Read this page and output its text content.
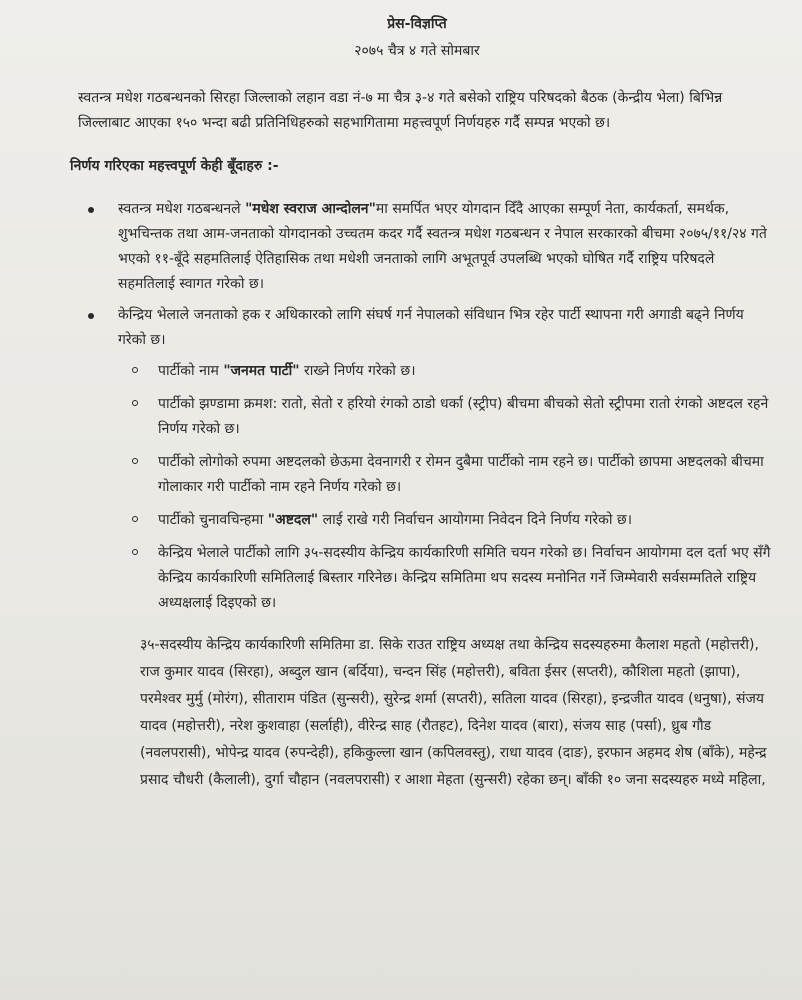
प्रेस-विज्ञप्ति
२०७५ चैत्र ४ गते सोमबार

स्वतन्त्र मधेश गठबन्धनको सिरहा जिल्लाको लहान वडा नं-७ मा चैत्र ३-४ गते बसेको राष्ट्रिय परिषदको बैठक (केन्द्रीय भेला) बिभिन्न जिल्लाबाट आएका १५० भन्दा बढी प्रतिनिधिहरुको सहभागितामा महत्त्वपूर्ण निर्णयहरु गर्दै सम्पन्न भएको छ।

निर्णय गरिएका महत्त्वपूर्ण केही बूँदाहरु :-
स्वतन्त्र मधेश गठबन्धनले "मधेश स्वराज आन्दोलन"मा समर्पित भएर योगदान दिँदै आएका सम्पूर्ण नेता, कार्यकर्ता, समर्थक, शुभचिन्तक तथा आम-जनताको योगदानको उच्चतम कदर गर्दै स्वतन्त्र मधेश गठबन्धन र नेपाल सरकारको बीचमा २०७५/११/२४ गते भएको ११-बूँदे सहमतिलाई ऐतिहासिक तथा मधेशी जनताको लागि अभूतपूर्व उपलब्धि भएको घोषित गर्दै राष्ट्रिय परिषदले सहमतिलाई स्वागत गरेको छ।
केन्द्रिय भेलाले जनताको हक र अधिकारको लागि संघर्ष गर्न नेपालको संविधान भित्र रहेर पार्टी स्थापना गरी अगाडी बढ्ने निर्णय गरेको छ।
पार्टीको नाम "जनमत पार्टी" राख्ने निर्णय गरेको छ।
पार्टीको झण्डामा क्रमश: रातो, सेतो र हरियो रंगको ठाडो धर्का (स्ट्रीप) बीचमा बीचको सेतो स्ट्रीपमा रातो रंगको अष्टदल रहने निर्णय गरेको छ।
पार्टीको लोगोको रुपमा अष्टदलको छेऊमा देवनागरी र रोमन दुबैमा पार्टीको नाम रहने छ। पार्टीको छापमा अष्टदलको बीचमा गोलाकार गरी पार्टीको नाम रहने निर्णय गरेको छ।
पार्टीको चुनावचिन्हमा "अष्टदल" लाई राखे गरी निर्वाचन आयोगमा निवेदन दिने निर्णय गरेको छ।
केन्द्रिय भेलाले पार्टीको लागि ३५-सदस्यीय केन्द्रिय कार्यकारिणी समिति चयन गरेको छ। निर्वाचन आयोगमा दल दर्ता भए सँगै केन्द्रिय कार्यकारिणी समितिलाई बिस्तार गरिनेछ। केन्द्रिय समितिमा थप सदस्य मनोनित गर्ने जिम्मेवारी सर्वसम्मतिले राष्ट्रिय अध्यक्षलाई दिइएको छ।

३५-सदस्यीय केन्द्रिय कार्यकारिणी समितिमा डा. सिके राउत राष्ट्रिय अध्यक्ष तथा केन्द्रिय सदस्यहरुमा कैलाश महतो (महोत्तरी), राज कुमार यादव (सिरहा), अब्दुल खान (बर्दिया), चन्दन सिंह (महोत्तरी), बविता ईसर (सप्तरी), कौशिला महतो (झापा), परमेश्वर मुर्मु (मोरंग), सीताराम पंडित (सुन्सरी), सुरेन्द्र शर्मा (सप्तरी), सतिला यादव (सिरहा), इन्द्रजीत यादव (धनुषा), संजय यादव (महोत्तरी), नरेश कुशवाहा (सर्लाही), वीरेन्द्र साह (रौतहट), दिनेश यादव (बारा), संजय साह (पर्सा), ध्रुब गौड (नवलपरासी), भोपेन्द्र यादव (रुपन्देही), हकिकुल्ला खान (कपिलवस्तु), राधा यादव (दाङ), इरफान अहमद शेष (बाँके), महेन्द्र प्रसाद चौधरी (कैलाली), दुर्गा चौहान (नवलपरासी) र आशा मेहता (सुन्सरी) रहेका छन्। बाँकी १० जना सदस्यहरु मध्ये महिला,
